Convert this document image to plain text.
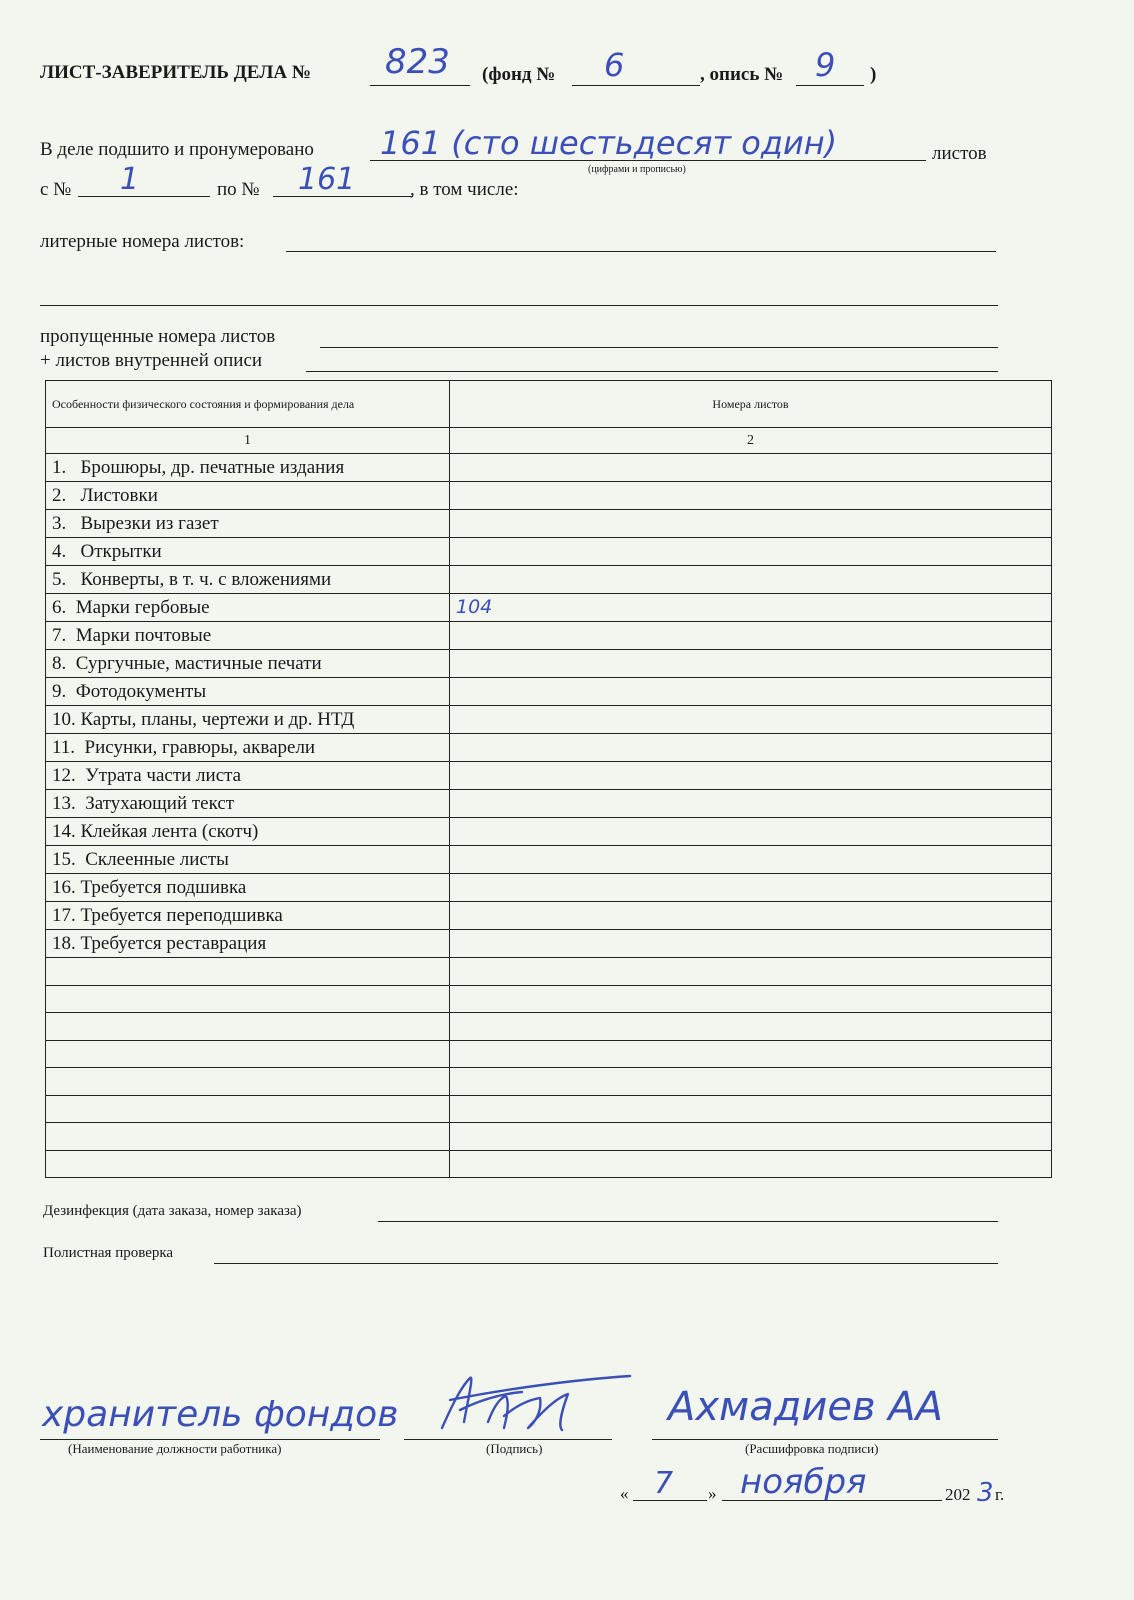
ЛИСТ-ЗАВЕРИТЕЛЬ ДЕЛА № 823 (фонд № 6	, опись № 9 )
В деле подшито и пронумеровано 161 (сто шестьдесят один)
(цифрами и прописью)
листов
с № 1	по № 161	, в том числе:
литерные номера листов:
пропущенные номера листов
+ листов внутренней описи
Особенности физического состояния и формирования дела	Номера листов
1	2
1.   Брошюры, др. печатные издания	
2.   Листовки	
3.   Вырезки из газет	
4.   Открытки	
5.   Конверты, в т. ч. с вложениями	
6.  Марки гербовые	104
7.  Марки почтовые	
8.  Сургучные, мастичные печати	
9.  Фотодокументы	
10. Карты, планы, чертежи и др. НТД	
11.  Рисунки, гравюры, акварели	
12.  Утрата части листа	
13.  Затухающий текст	
14. Клейкая лента (скотч)	
15.  Склеенные листы	
16. Требуется подшивка	
17. Требуется переподшивка	
18. Требуется реставрация	

Дезинфекция (дата заказа, номер заказа)
Полистная проверка
хранитель фондов
(Наименование должности работника)	(Подпись)
Ахмадиев АА
(Расшифровка подписи)
« 7 » ноября	202 3 г.
